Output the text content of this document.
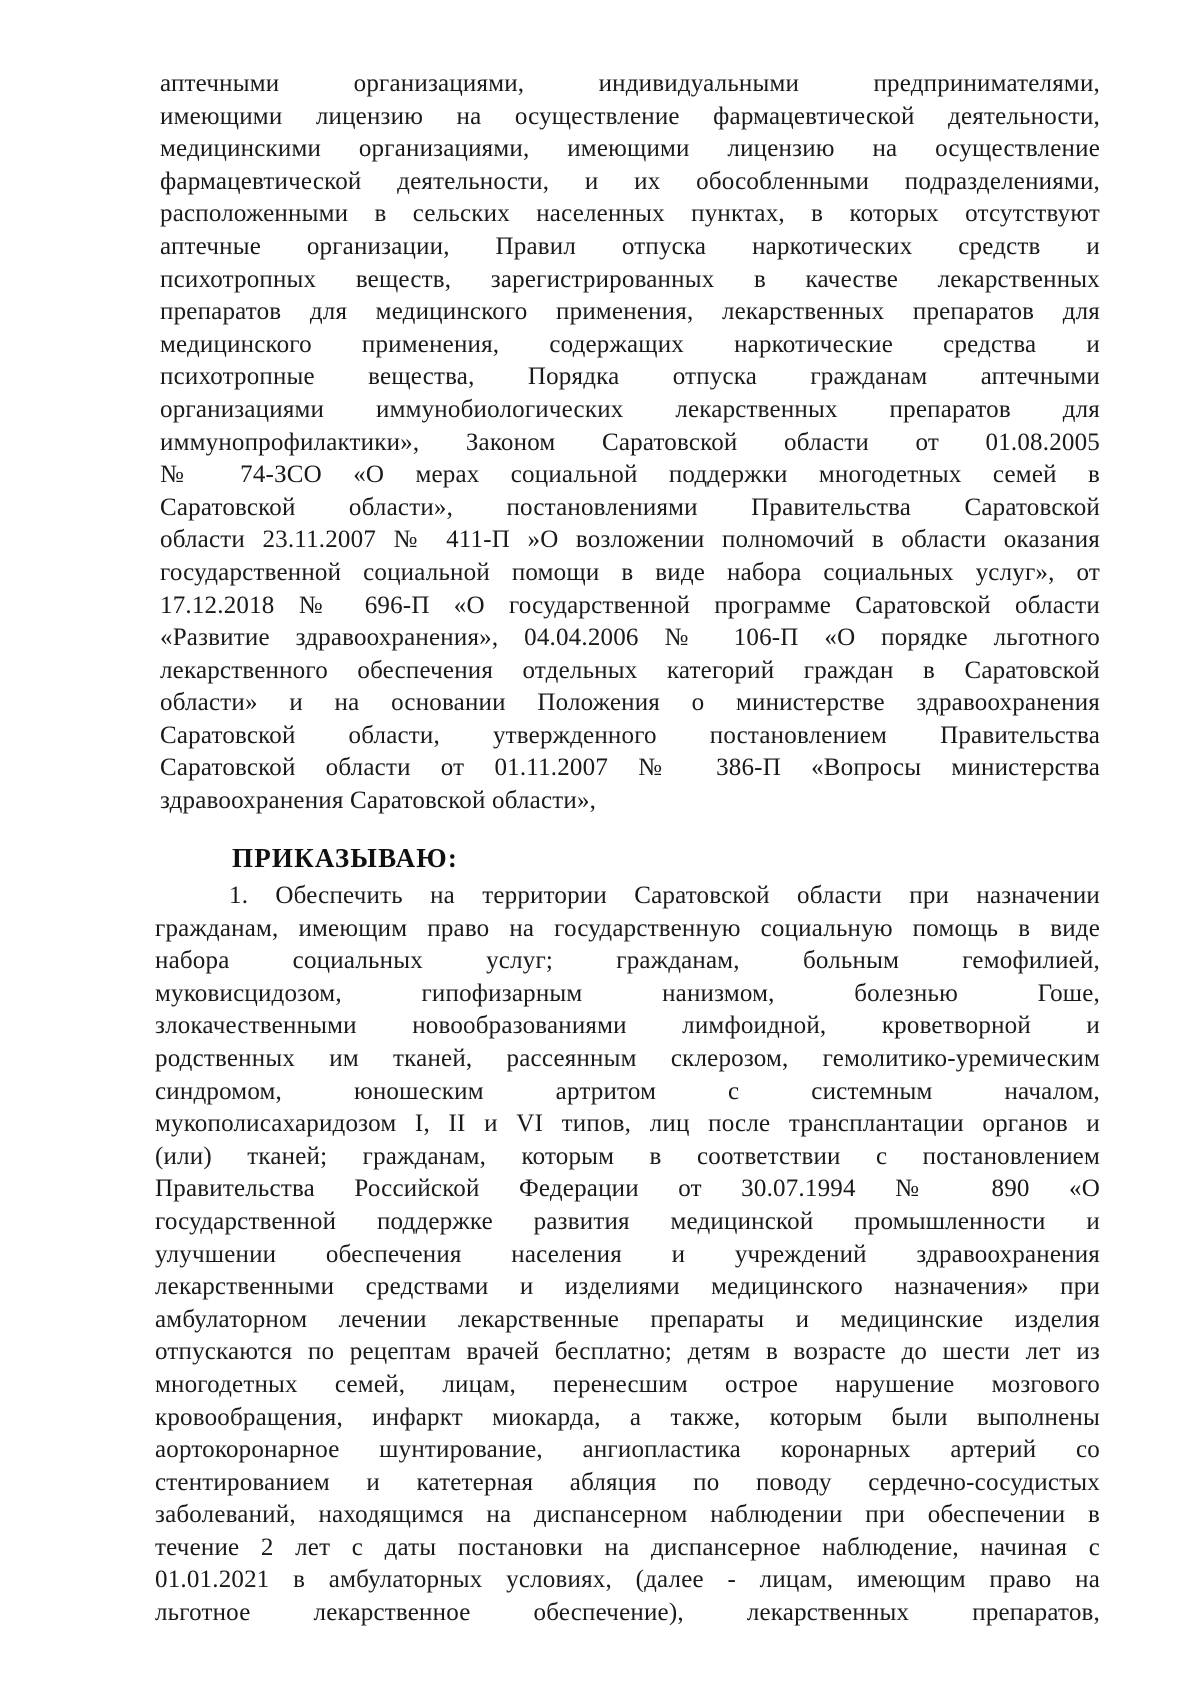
аптечными организациями, индивидуальными предпринимателями,
имеющими лицензию на осуществление фармацевтической деятельности,
медицинскими организациями, имеющими лицензию на осуществление
фармацевтической деятельности, и их обособленными подразделениями,
расположенными в сельских населенных пунктах, в которых отсутствуют
аптечные организации, Правил отпуска наркотических средств и
психотропных веществ, зарегистрированных в качестве лекарственных
препаратов для медицинского применения, лекарственных препаратов для
медицинского применения, содержащих наркотические средства и
психотропные вещества, Порядка отпуска гражданам аптечными
организациями иммунобиологических лекарственных препаратов для
иммунопрофилактики», Законом Саратовской области от 01.08.2005
№ 74-ЗСО «О мерах социальной поддержки многодетных семей в
Саратовской области», постановлениями Правительства Саратовской
области 23.11.2007 № 411-П »О возложении полномочий в области оказания
государственной социальной помощи в виде набора социальных услуг», от
17.12.2018 № 696-П «О государственной программе Саратовской области
«Развитие здравоохранения», 04.04.2006 № 106-П «О порядке льготного
лекарственного обеспечения отдельных категорий граждан в Саратовской
области» и на основании Положения о министерстве здравоохранения
Саратовской области, утвержденного постановлением Правительства
Саратовской области от 01.11.2007 № 386-П «Вопросы министерства
здравоохранения Саратовской области»,
ПРИКАЗЫВАЮ:
1. Обеспечить на территории Саратовской области при назначении
гражданам, имеющим право на государственную социальную помощь в виде
набора социальных услуг; гражданам, больным гемофилией,
муковисцидозом, гипофизарным нанизмом, болезнью Гоше,
злокачественными новообразованиями лимфоидной, кроветворной и
родственных им тканей, рассеянным склерозом, гемолитико-уремическим
синдромом, юношеским артритом с системным началом,
мукополисахаридозом I, II и VI типов, лиц после трансплантации органов и
(или) тканей; гражданам, которым в соответствии с постановлением
Правительства Российской Федерации от 30.07.1994 № 890 «О
государственной поддержке развития медицинской промышленности и
улучшении обеспечения населения и учреждений здравоохранения
лекарственными средствами и изделиями медицинского назначения» при
амбулаторном лечении лекарственные препараты и медицинские изделия
отпускаются по рецептам врачей бесплатно; детям в возрасте до шести лет из
многодетных семей, лицам, перенесшим острое нарушение мозгового
кровообращения, инфаркт миокарда, а также, которым были выполнены
аортокоронарное шунтирование, ангиопластика коронарных артерий со
стентированием и катетерная абляция по поводу сердечно-сосудистых
заболеваний, находящимся на диспансерном наблюдении при обеспечении в
течение 2 лет с даты постановки на диспансерное наблюдение, начиная с
01.01.2021 в амбулаторных условиях, (далее - лицам, имеющим право на
льготное лекарственное обеспечение), лекарственных препаратов,
